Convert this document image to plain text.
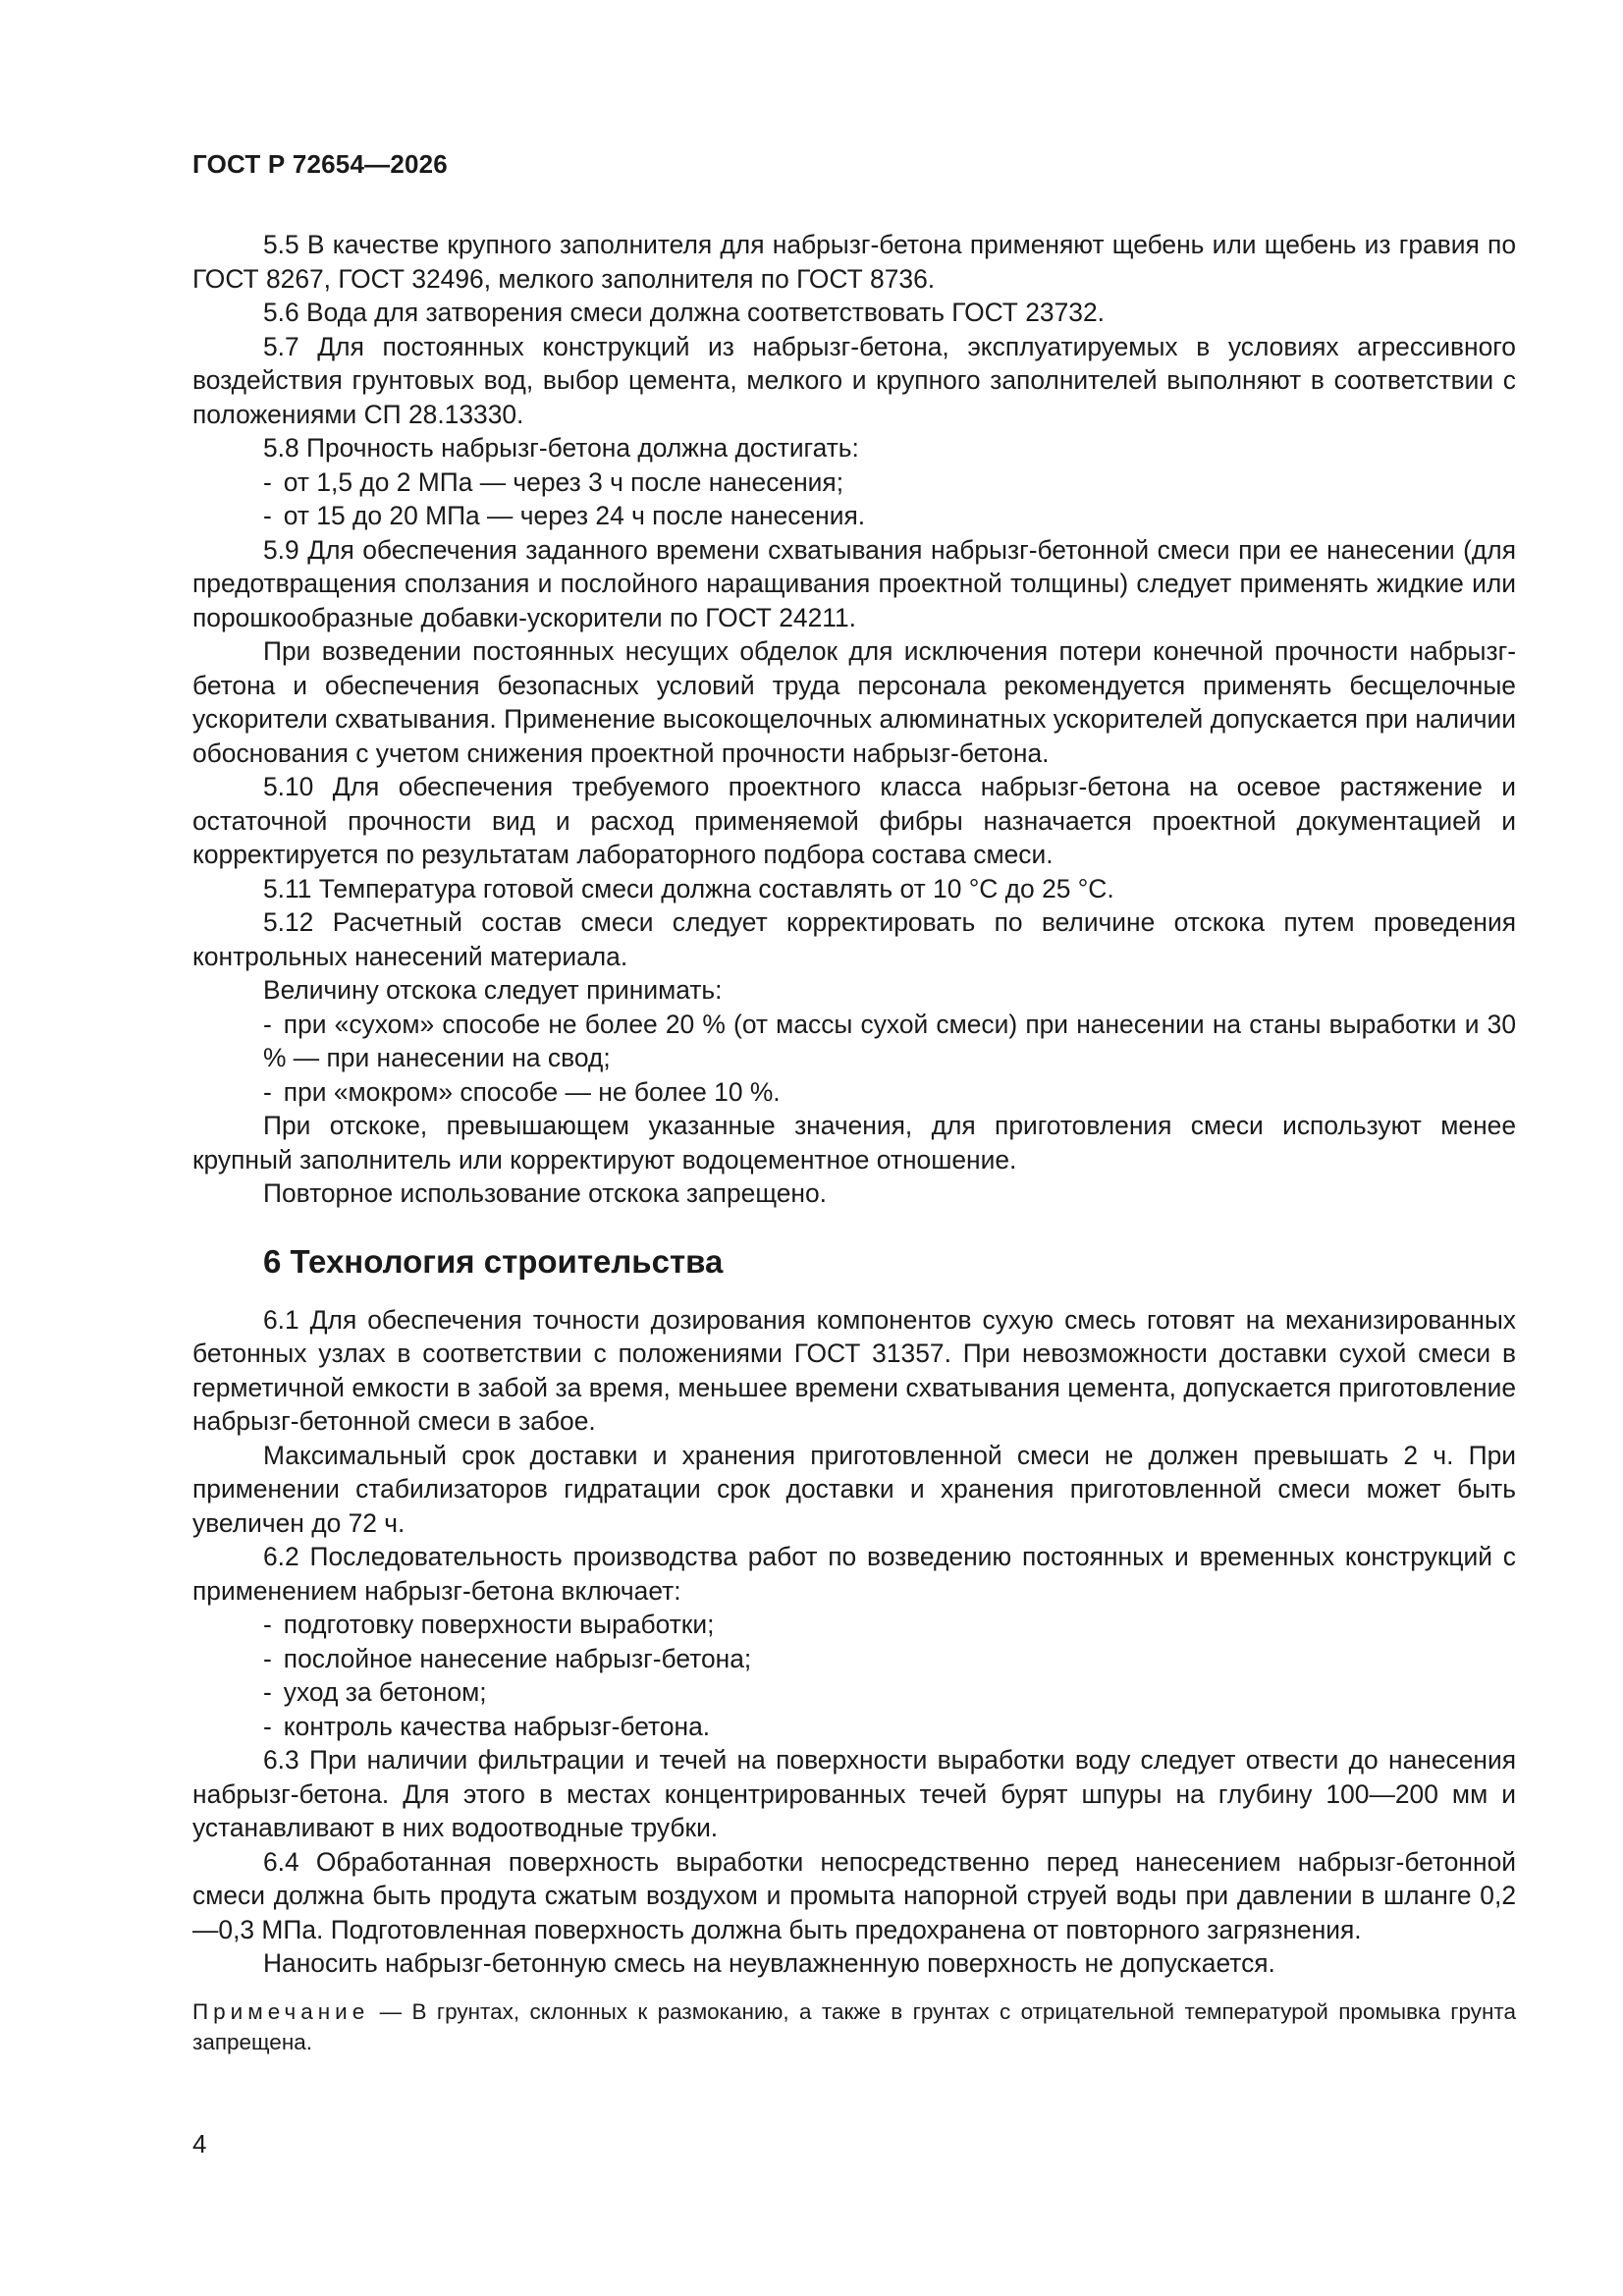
ГОСТ Р 72654—2026

5.5 В качестве крупного заполнителя для набрызг-бетона применяют щебень или щебень из гравия по ГОСТ 8267, ГОСТ 32496, мелкого заполнителя по ГОСТ 8736.

5.6 Вода для затворения смеси должна соответствовать ГОСТ 23732.

5.7 Для постоянных конструкций из набрызг-бетона, эксплуатируемых в условиях агрессивного воздействия грунтовых вод, выбор цемента, мелкого и крупного заполнителей выполняют в соответствии с положениями СП 28.13330.

5.8 Прочность набрызг-бетона должна достигать:

- от 1,5 до 2 МПа — через 3 ч после нанесения;

- от 15 до 20 МПа — через 24 ч после нанесения.

5.9 Для обеспечения заданного времени схватывания набрызг-бетонной смеси при ее нанесении (для предотвращения сползания и послойного наращивания проектной толщины) следует применять жидкие или порошкообразные добавки-ускорители по ГОСТ 24211.

При возведении постоянных несущих обделок для исключения потери конечной прочности набрызг-бетона и обеспечения безопасных условий труда персонала рекомендуется применять бесщелочные ускорители схватывания. Применение высокощелочных алюминатных ускорителей допускается при наличии обоснования с учетом снижения проектной прочности набрызг-бетона.

5.10 Для обеспечения требуемого проектного класса набрызг-бетона на осевое растяжение и остаточной прочности вид и расход применяемой фибры назначается проектной документацией и корректируется по результатам лабораторного подбора состава смеси.

5.11 Температура готовой смеси должна составлять от 10 °С до 25 °С.

5.12 Расчетный состав смеси следует корректировать по величине отскока путем проведения контрольных нанесений материала.

Величину отскока следует принимать:

- при «сухом» способе не более 20 % (от массы сухой смеси) при нанесении на станы выработки и 30 % — при нанесении на свод;

- при «мокром» способе — не более 10 %.

При отскоке, превышающем указанные значения, для приготовления смеси используют менее крупный заполнитель или корректируют водоцементное отношение.

Повторное использование отскока запрещено.

6 Технология строительства

6.1 Для обеспечения точности дозирования компонентов сухую смесь готовят на механизированных бетонных узлах в соответствии с положениями ГОСТ 31357. При невозможности доставки сухой смеси в герметичной емкости в забой за время, меньшее времени схватывания цемента, допускается приготовление набрызг-бетонной смеси в забое.

Максимальный срок доставки и хранения приготовленной смеси не должен превышать 2 ч. При применении стабилизаторов гидратации срок доставки и хранения приготовленной смеси может быть увеличен до 72 ч.

6.2 Последовательность производства работ по возведению постоянных и временных конструкций с применением набрызг-бетона включает:

- подготовку поверхности выработки;

- послойное нанесение набрызг-бетона;

- уход за бетоном;

- контроль качества набрызг-бетона.

6.3 При наличии фильтрации и течей на поверхности выработки воду следует отвести до нанесения набрызг-бетона. Для этого в местах концентрированных течей бурят шпуры на глубину 100—200 мм и устанавливают в них водоотводные трубки.

6.4 Обработанная поверхность выработки непосредственно перед нанесением набрызг-бетонной смеси должна быть продута сжатым воздухом и промыта напорной струей воды при давлении в шланге 0,2—0,3 МПа. Подготовленная поверхность должна быть предохранена от повторного загрязнения.

Наносить набрызг-бетонную смесь на неувлажненную поверхность не допускается.

Примечание — В грунтах, склонных к размоканию, а также в грунтах с отрицательной температурой промывка грунта запрещена.

4
